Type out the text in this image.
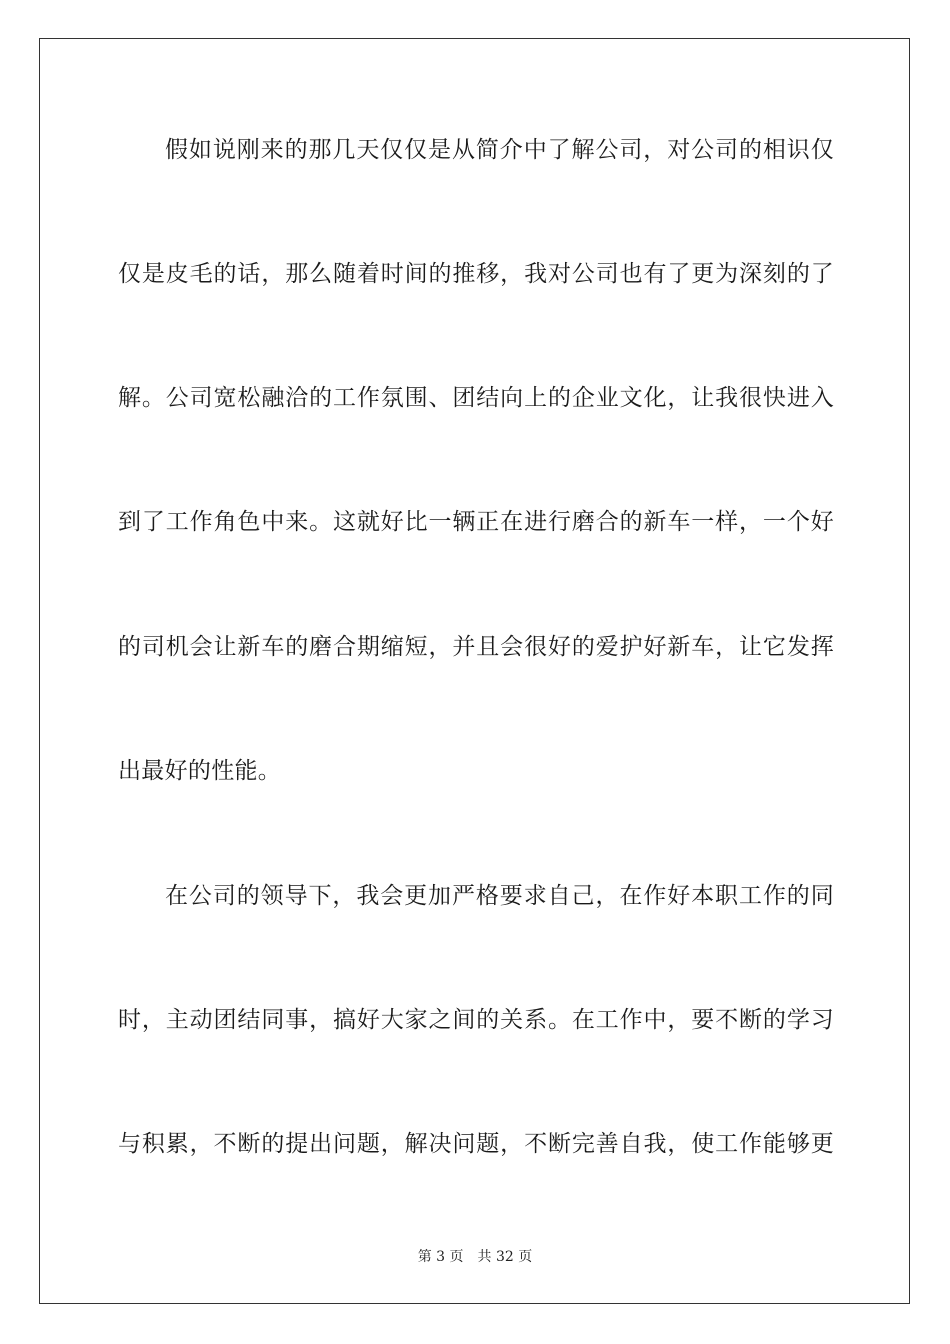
假如说刚来的那几天仅仅是从简介中了解公司，对公司的相识仅
仅是皮毛的话，那么随着时间的推移，我对公司也有了更为深刻的了
解。公司宽松融洽的工作氛围、团结向上的企业文化，让我很快进入
到了工作角色中来。这就好比一辆正在进行磨合的新车一样，一个好
的司机会让新车的磨合期缩短，并且会很好的爱护好新车，让它发挥
出最好的性能。
在公司的领导下，我会更加严格要求自己，在作好本职工作的同
时，主动团结同事，搞好大家之间的关系。在工作中，要不断的学习
与积累，不断的提出问题，解决问题，不断完善自我，使工作能够更
第 3 页 共 32 页
